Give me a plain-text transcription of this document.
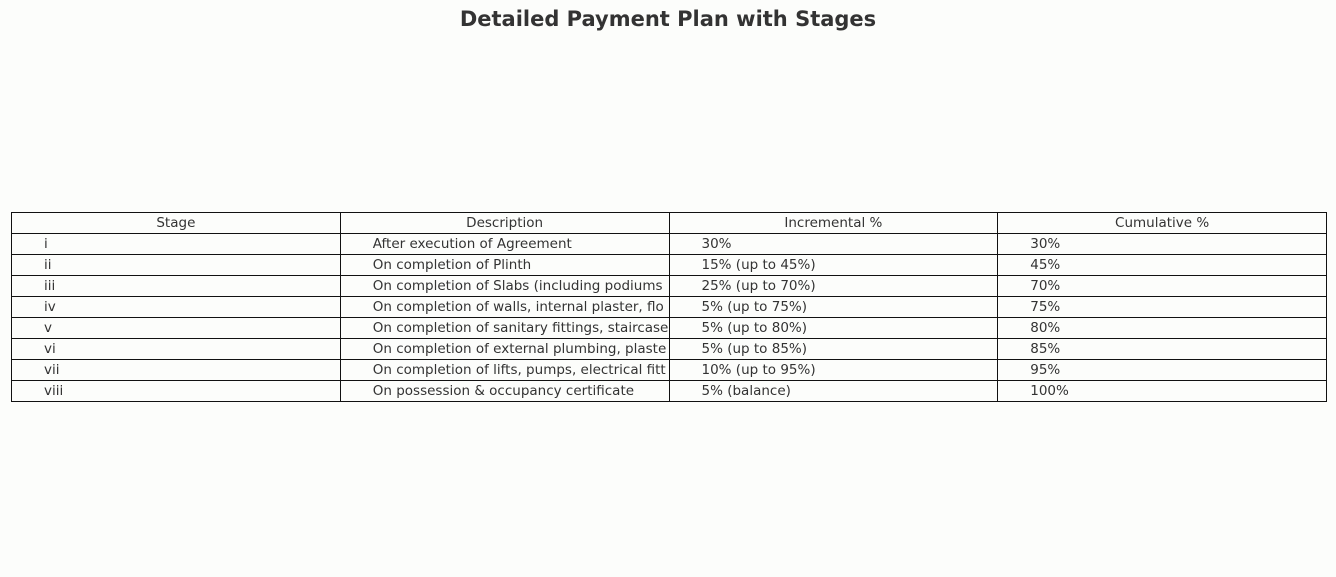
Detailed Payment Plan with Stages
Stage	Description	Incremental %	Cumulative %
i	After execution of Agreement	30%	30%
ii	On completion of Plinth	15% (up to 45%)	45%
iii	On completion of Slabs (including podiums	25% (up to 70%)	70%
iv	On completion of walls, internal plaster, flo	5% (up to 75%)	75%
v	On completion of sanitary fittings, staircase	5% (up to 80%)	80%
vi	On completion of external plumbing, plaste	5% (up to 85%)	85%
vii	On completion of lifts, pumps, electrical fitt	10% (up to 95%)	95%
viii	On possession & occupancy certificate	5% (balance)	100%
